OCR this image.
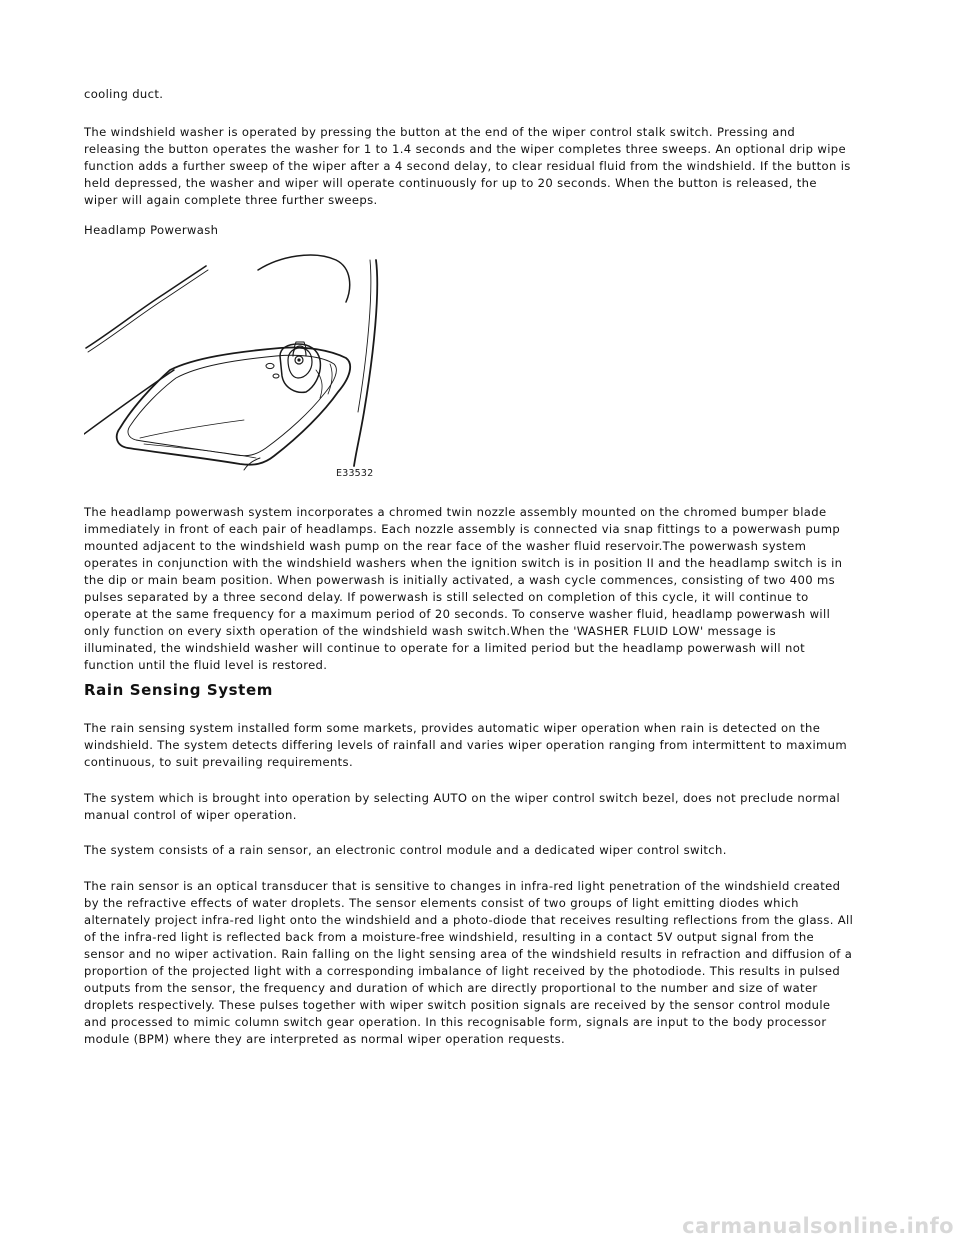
cooling duct.

The windshield washer is operated by pressing the button at the end of the wiper control stalk switch. Pressing and
releasing the button operates the washer for 1 to 1.4 seconds and the wiper completes three sweeps. An optional drip wipe
function adds a further sweep of the wiper after a 4 second delay, to clear residual fluid from the windshield. If the button is
held depressed, the washer and wiper will operate continuously for up to 20 seconds. When the button is released, the
wiper will again complete three further sweeps.

Headlamp Powerwash

E33532

The headlamp powerwash system incorporates a chromed twin nozzle assembly mounted on the chromed bumper blade
immediately in front of each pair of headlamps. Each nozzle assembly is connected via snap fittings to a powerwash pump
mounted adjacent to the windshield wash pump on the rear face of the washer fluid reservoir.The powerwash system
operates in conjunction with the windshield washers when the ignition switch is in position II and the headlamp switch is in
the dip or main beam position. When powerwash is initially activated, a wash cycle commences, consisting of two 400 ms
pulses separated by a three second delay. If powerwash is still selected on completion of this cycle, it will continue to
operate at the same frequency for a maximum period of 20 seconds. To conserve washer fluid, headlamp powerwash will
only function on every sixth operation of the windshield wash switch.When the 'WASHER FLUID LOW' message is
illuminated, the windshield washer will continue to operate for a limited period but the headlamp powerwash will not
function until the fluid level is restored.

Rain Sensing System

The rain sensing system installed form some markets, provides automatic wiper operation when rain is detected on the
windshield. The system detects differing levels of rainfall and varies wiper operation ranging from intermittent to maximum
continuous, to suit prevailing requirements.

The system which is brought into operation by selecting AUTO on the wiper control switch bezel, does not preclude normal
manual control of wiper operation.

The system consists of a rain sensor, an electronic control module and a dedicated wiper control switch.

The rain sensor is an optical transducer that is sensitive to changes in infra-red light penetration of the windshield created
by the refractive effects of water droplets. The sensor elements consist of two groups of light emitting diodes which
alternately project infra-red light onto the windshield and a photo-diode that receives resulting reflections from the glass. All
of the infra-red light is reflected back from a moisture-free windshield, resulting in a contact 5V output signal from the
sensor and no wiper activation. Rain falling on the light sensing area of the windshield results in refraction and diffusion of a
proportion of the projected light with a corresponding imbalance of light received by the photodiode. This results in pulsed
outputs from the sensor, the frequency and duration of which are directly proportional to the number and size of water
droplets respectively. These pulses together with wiper switch position signals are received by the sensor control module
and processed to mimic column switch gear operation. In this recognisable form, signals are input to the body processor
module (BPM) where they are interpreted as normal wiper operation requests.

carmanualsonline.info
